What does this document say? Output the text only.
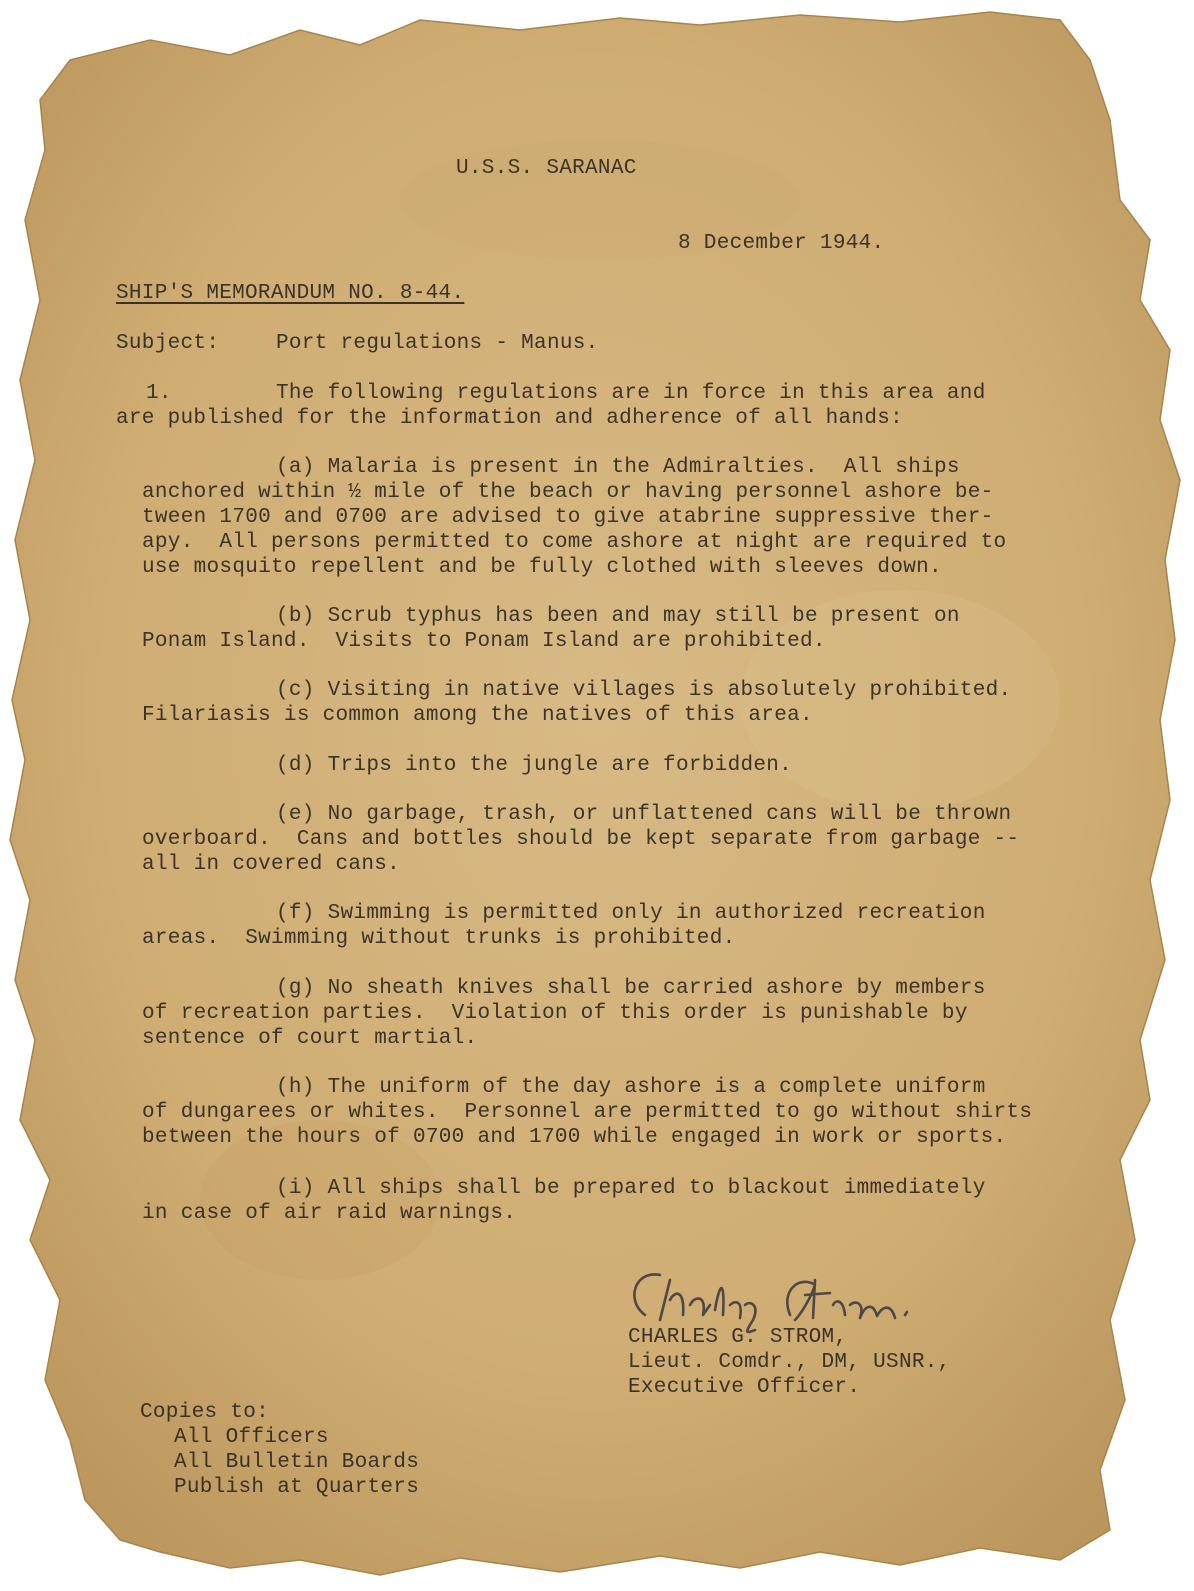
U.S.S. SARANAC
8 December 1944.
SHIP'S MEMORANDUM NO. 8-44.
Subject:	Port regulations - Manus.
1.	The following regulations are in force in this area and
are published for the information and adherence of all hands:
(a) Malaria is present in the Admiralties.  All ships
anchored within ½ mile of the beach or having personnel ashore be-
tween 1700 and 0700 are advised to give atabrine suppressive ther-
apy.  All persons permitted to come ashore at night are required to
use mosquito repellent and be fully clothed with sleeves down.
(b) Scrub typhus has been and may still be present on
Ponam Island.  Visits to Ponam Island are prohibited.
(c) Visiting in native villages is absolutely prohibited.
Filariasis is common among the natives of this area.
(d) Trips into the jungle are forbidden.
(e) No garbage, trash, or unflattened cans will be thrown
overboard.  Cans and bottles should be kept separate from garbage --
all in covered cans.
(f) Swimming is permitted only in authorized recreation
areas.  Swimming without trunks is prohibited.
(g) No sheath knives shall be carried ashore by members
of recreation parties.  Violation of this order is punishable by
sentence of court martial.
(h) The uniform of the day ashore is a complete uniform
of dungarees or whites.  Personnel are permitted to go without shirts
between the hours of 0700 and 1700 while engaged in work or sports.
(i) All ships shall be prepared to blackout immediately
in case of air raid warnings.
CHARLES G. STROM,
Lieut. Comdr., DM, USNR.,
Executive Officer.
Copies to:
All Officers
All Bulletin Boards
Publish at Quarters
